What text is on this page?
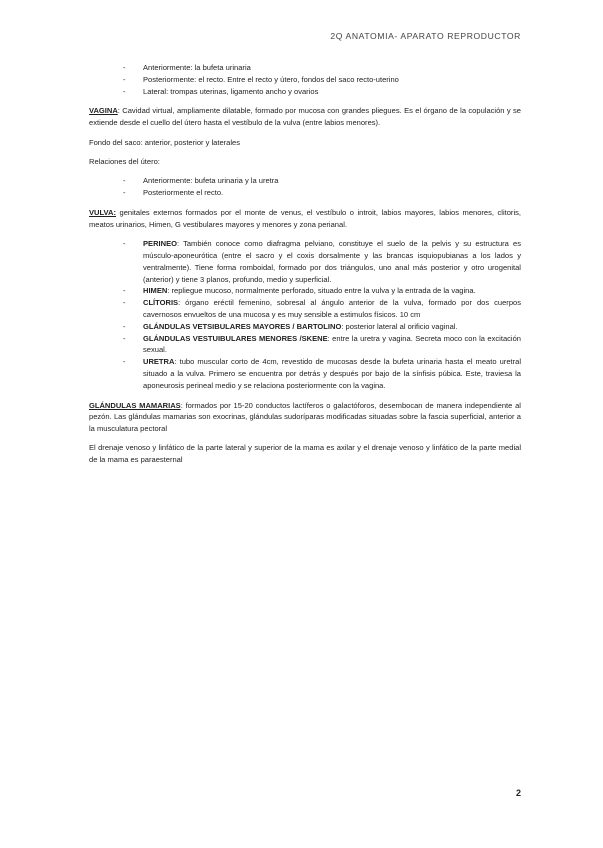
2Q ANATOMIA- APARATO REPRODUCTOR
- Anteriormente: la bufeta urinaria
- Posteriormente: el recto. Entre el recto y útero, fondos del saco recto-uterino
- Lateral: trompas uterinas, ligamento ancho y ovarios

VAGINA: Cavidad virtual, ampliamente dilatable, formado por mucosa con grandes pliegues. Es el órgano de la copulación y se extiende desde el cuello del útero hasta el vestíbulo de la vulva (entre labios menores).

Fondo del saco: anterior, posterior y laterales

Relaciones del útero:

- Anteriormente: bufeta urinaria y la uretra
- Posteriormente el recto.

VULVA: genitales externos formados por el monte de venus, el vestíbulo o introit, labios mayores, labios menores, clitoris, meatos urinarios, Himen, G vestibulares mayores y menores y zona perianal.

- PERINEO: También conoce como diafragma pelviano, constituye el suelo de la pelvis y su estructura es músculo-aponeurótica (entre el sacro y el coxis dorsalmente y las brancas isquiopubianas a los lados y ventralmente). Tiene forma romboidal, formado por dos triángulos, uno anal más posterior y otro urogenital (anterior) y tiene 3 planos, profundo, medio y superficial.
- HIMEN: repliegue mucoso, normalmente perforado, situado entre la vulva y la entrada de la vagina.
- CLÍTORIS: órgano eréctil femenino, sobresal al ángulo anterior de la vulva, formado por dos cuerpos cavernosos envueltos de una mucosa y es muy sensible a estimulos físicos. 10 cm
- GLÁNDULAS VETSIBULARES MAYORES / BARTOLINO: posterior lateral al orificio vaginal.
- GLÁNDULAS VESTUIBULARES MENORES /SKENE: entre la uretra y vagina. Secreta moco con la excitación sexual.
- URETRA: tubo muscular corto de 4cm, revestido de mucosas desde la bufeta urinaria hasta el meato uretral situado a la vulva. Primero se encuentra por detrás y después por bajo de la sínfisis púbica. Este, traviesa la aponeurosis perineal medio y se relaciona posteriormente con la vagina.

GLÁNDULAS MAMARIAS: formados por 15-20 conductos lactíferos o galactóforos, desembocan de manera independiente al pezón. Las glándulas mamarias son exocrinas, glándulas sudoríparas modificadas situadas sobre la fascia superficial, anterior a la musculatura pectoral

El drenaje venoso y linfático de la parte lateral y superior de la mama es axilar y el drenaje venoso y linfático de la parte medial de la mama es paraesternal

2
